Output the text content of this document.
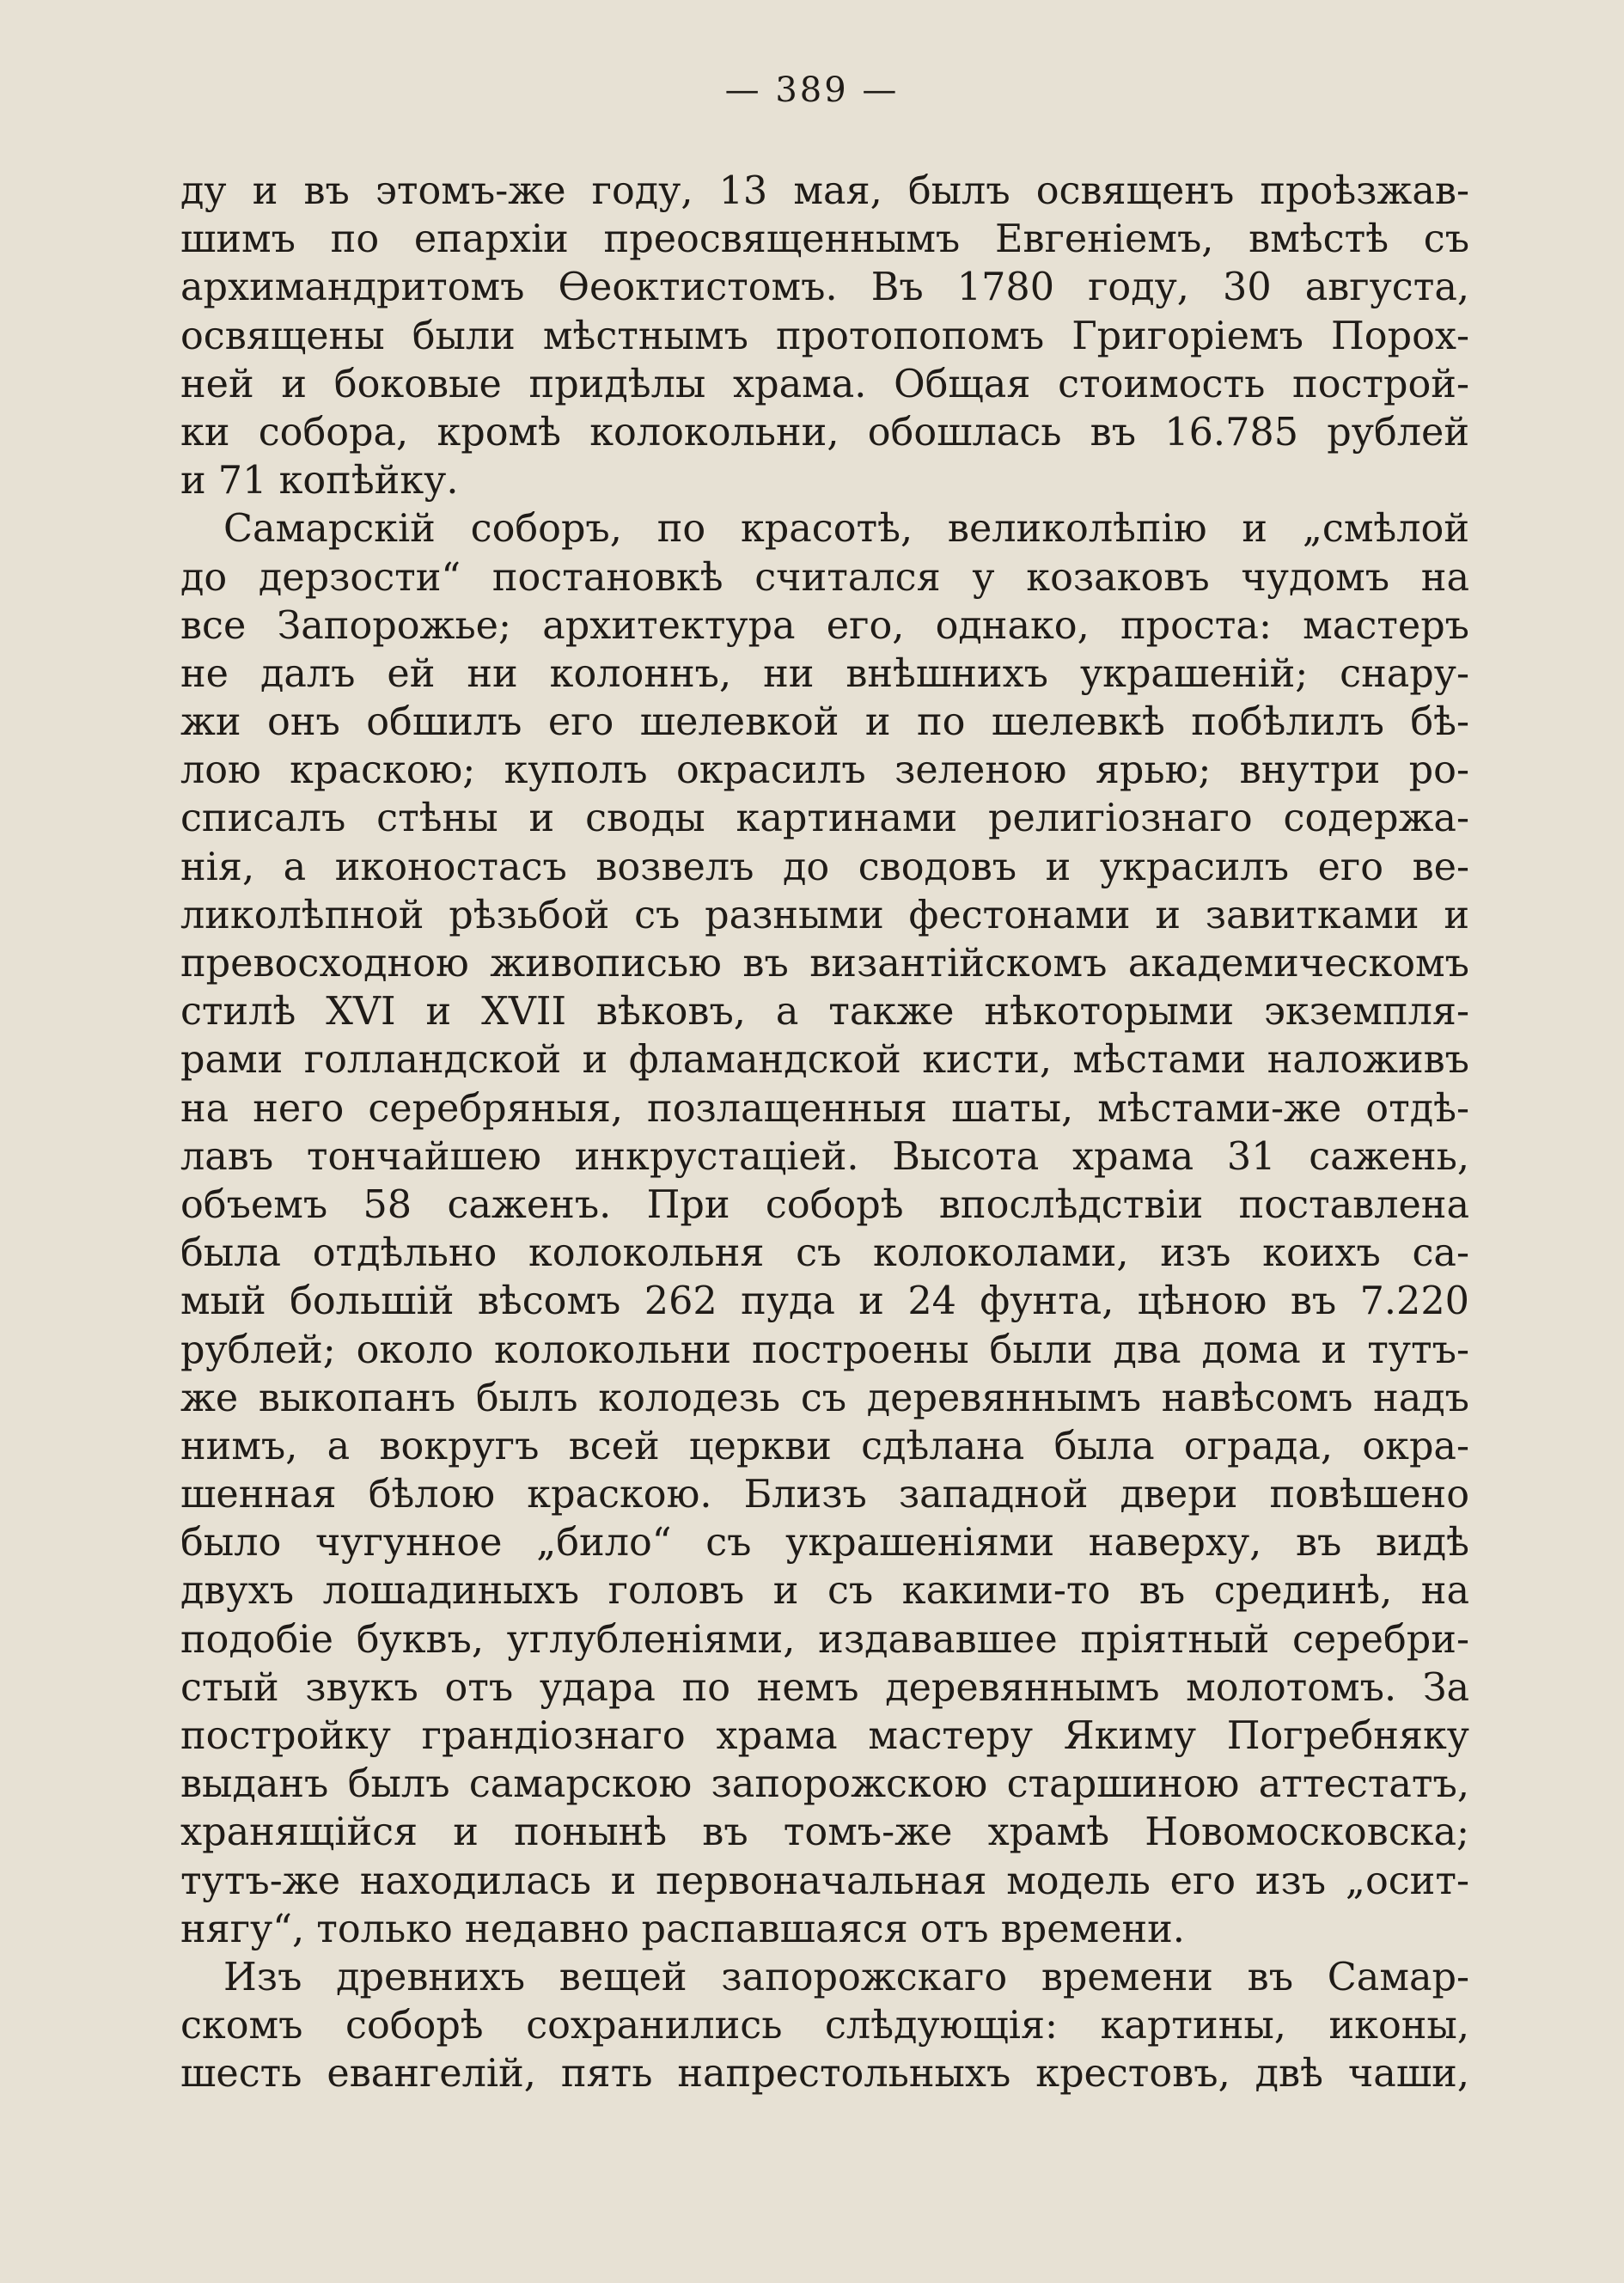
— 389 —
ду и въ этомъ-же году, 13 мая, былъ освященъ проѣзжав-
шимъ по епархіи преосвященнымъ Евгеніемъ, вмѣстѣ съ
архимандритомъ Ѳеоктистомъ. Въ 1780 году, 30 августа,
освящены были мѣстнымъ протопопомъ Григоріемъ Порох-
ней и боковые придѣлы храма. Общая стоимость построй-
ки собора, кромѣ колокольни, обошлась въ 16.785 рублей
и 71 копѣйку.
Самарскій соборъ, по красотѣ, великолѣпію и „смѣлой
до дерзости“ постановкѣ считался у козаковъ чудомъ на
все Запорожье; архитектура его, однако, проста: мастеръ
не далъ ей ни колоннъ, ни внѣшнихъ украшеній; снару-
жи онъ обшилъ его шелевкой и по шелевкѣ побѣлилъ бѣ-
лою краскою; куполъ окрасилъ зеленою ярью; внутри ро-
списалъ стѣны и своды картинами религіознаго содержа-
нія, а иконостасъ возвелъ до сводовъ и украсилъ его ве-
ликолѣпной рѣзьбой съ разными фестонами и завитками и
превосходною живописью въ византійскомъ академическомъ
стилѣ XVI и XVII вѣковъ, а также нѣкоторыми экземпля-
рами голландской и фламандской кисти, мѣстами наложивъ
на него серебряныя, позлащенныя шаты, мѣстами-же отдѣ-
лавъ тончайшею инкрустаціей. Высота храма 31 сажень,
объемъ 58 саженъ. При соборѣ впослѣдствіи поставлена
была отдѣльно колокольня съ колоколами, изъ коихъ са-
мый большій вѣсомъ 262 пуда и 24 фунта, цѣною въ 7.220
рублей; около колокольни построены были два дома и тутъ-
же выкопанъ былъ колодезь съ деревяннымъ навѣсомъ надъ
нимъ, а вокругъ всей церкви сдѣлана была ограда, окра-
шенная бѣлою краскою. Близъ западной двери повѣшено
было чугунное „било“ съ украшеніями наверху, въ видѣ
двухъ лошадиныхъ головъ и съ какими-то въ срединѣ, на
подобіе буквъ, углубленіями, издававшее пріятный серебри-
стый звукъ отъ удара по немъ деревяннымъ молотомъ. За
постройку грандіознаго храма мастеру Якиму Погребняку
выданъ былъ самарскою запорожскою старшиною аттестатъ,
хранящійся и понынѣ въ томъ-же храмѣ Новомосковска;
тутъ-же находилась и первоначальная модель его изъ „осит-
нягу“, только недавно распавшаяся отъ времени.
Изъ древнихъ вещей запорожскаго времени въ Самар-
скомъ соборѣ сохранились слѣдующія: картины, иконы,
шесть евангелій, пять напрестольныхъ крестовъ, двѣ чаши,
